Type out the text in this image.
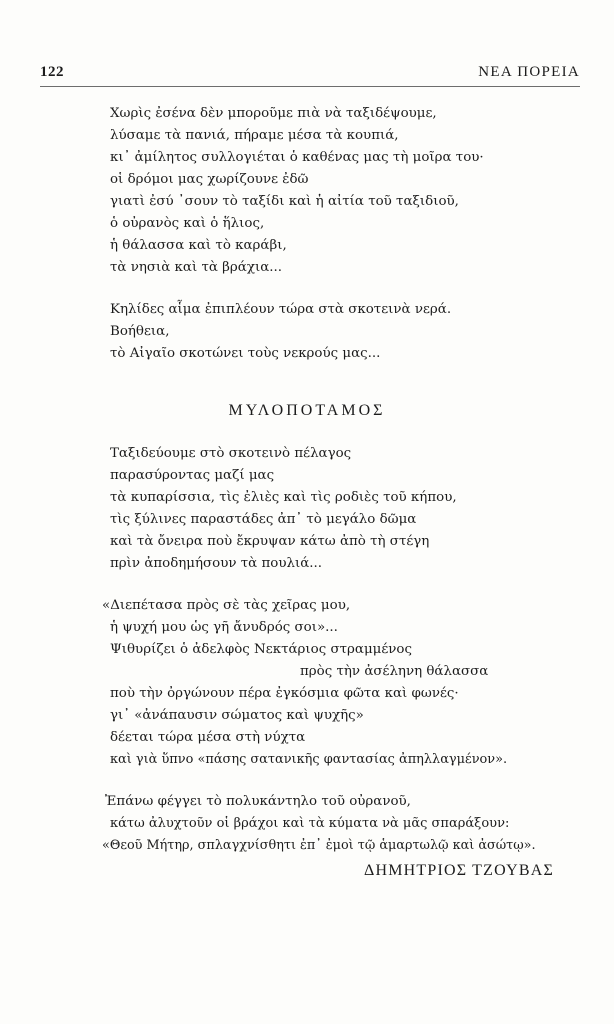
122	ΝΕΑ ΠΟΡΕΙΑ
Χωρὶς ἐσένα δὲν μποροῦμε πιὰ νὰ ταξιδέψουμε,
λύσαμε τὰ πανιά, πήραμε μέσα τὰ κουπιά,
κι᾿ ἀμίλητος συλλογιέται ὁ καθένας μας τὴ μοῖρα του·
οἱ δρόμοι μας χωρίζουνε ἐδῶ
γιατὶ ἐσύ ᾿σουν τὸ ταξίδι καὶ ἡ αἰτία τοῦ ταξιδιοῦ,
ὁ οὐρανὸς καὶ ὁ ἥλιος,
ἡ θάλασσα καὶ τὸ καράβι,
τὰ νησιὰ καὶ τὰ βράχια...
Κηλίδες αἷμα ἐπιπλέουν τώρα στὰ σκοτεινὰ νερά.
Βοήθεια,
τὸ Αἰγαῖο σκοτώνει τοὺς νεκρούς μας...
ΜΥΛΟΠΟΤΑΜΟΣ
Ταξιδεύουμε στὸ σκοτεινὸ πέλαγος
παρασύροντας μαζί μας
τὰ κυπαρίσσια, τὶς ἐλιὲς καὶ τὶς ροδιὲς τοῦ κήπου,
τὶς ξύλινες παραστάδες ἀπ᾿ τὸ μεγάλο δῶμα
καὶ τὰ ὄνειρα ποὺ ἔκρυψαν κάτω ἀπὸ τὴ στέγη
πρὶν ἀποδημήσουν τὰ πουλιά...
«Διεπέτασα πρὸς σὲ τὰς χεῖρας μου,
ἡ ψυχή μου ὡς γῆ ἄνυδρός σοι»...
Ψιθυρίζει ὁ ἀδελφὸς Νεκτάριος στραμμένος
πρὸς τὴν ἀσέληνη θάλασσα
ποὺ τὴν ὀργώνουν πέρα ἐγκόσμια φῶτα καὶ φωνές·
γι᾿ «ἀνάπαυσιν σώματος καὶ ψυχῆς»
δέεται τώρα μέσα στὴ νύχτα
καὶ γιὰ ὕπνο «πάσης σατανικῆς φαντασίας ἀπηλλαγμένον».
Ἐπάνω φέγγει τὸ πολυκάντηλο τοῦ οὐρανοῦ,
κάτω ἀλυχτοῦν οἱ βράχοι καὶ τὰ κύματα νὰ μᾶς σπαράξουν:
«Θεοῦ Μήτηρ, σπλαγχνίσθητι ἐπ᾿ ἐμοὶ τῷ ἁμαρτωλῷ καὶ ἀσώτῳ».
ΔΗΜΗΤΡΙΟΣ ΤΖΟΥΒΑΣ
